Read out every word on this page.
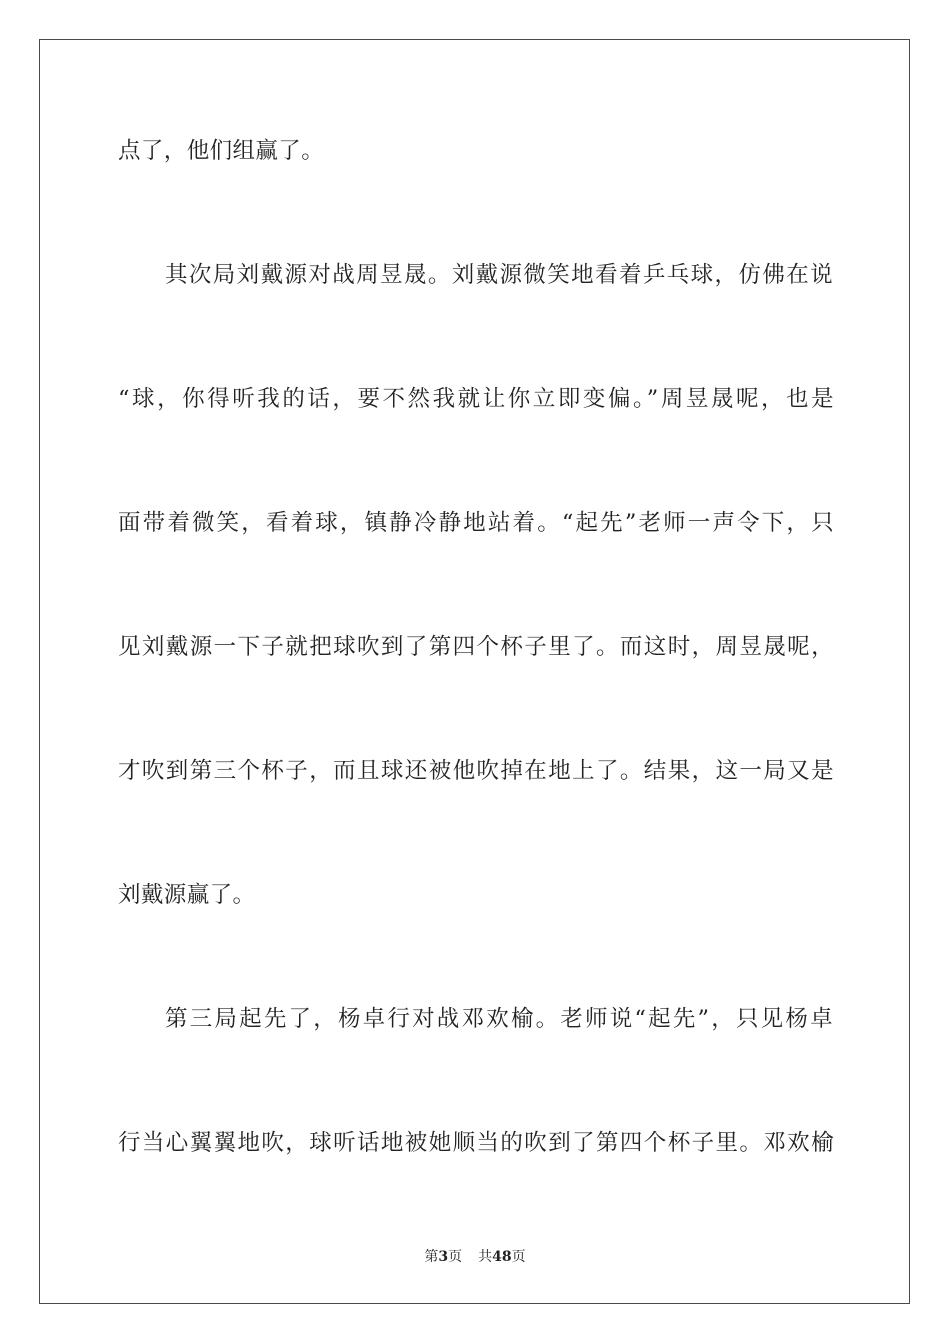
点了，他们组赢了。
其次局刘戴源对战周昱晟。刘戴源微笑地看着乒乓球，仿佛在说
“球，你得听我的话，要不然我就让你立即变偏。”周昱晟呢，也是
面带着微笑，看着球，镇静冷静地站着。“起先”老师一声令下，只
见刘戴源一下子就把球吹到了第四个杯子里了。而这时，周昱晟呢，
才吹到第三个杯子，而且球还被他吹掉在地上了。结果，这一局又是
刘戴源赢了。
第三局起先了，杨卓行对战邓欢榆。老师说“起先”，只见杨卓
行当心翼翼地吹，球听话地被她顺当的吹到了第四个杯子里。邓欢榆
第3页 共48页
